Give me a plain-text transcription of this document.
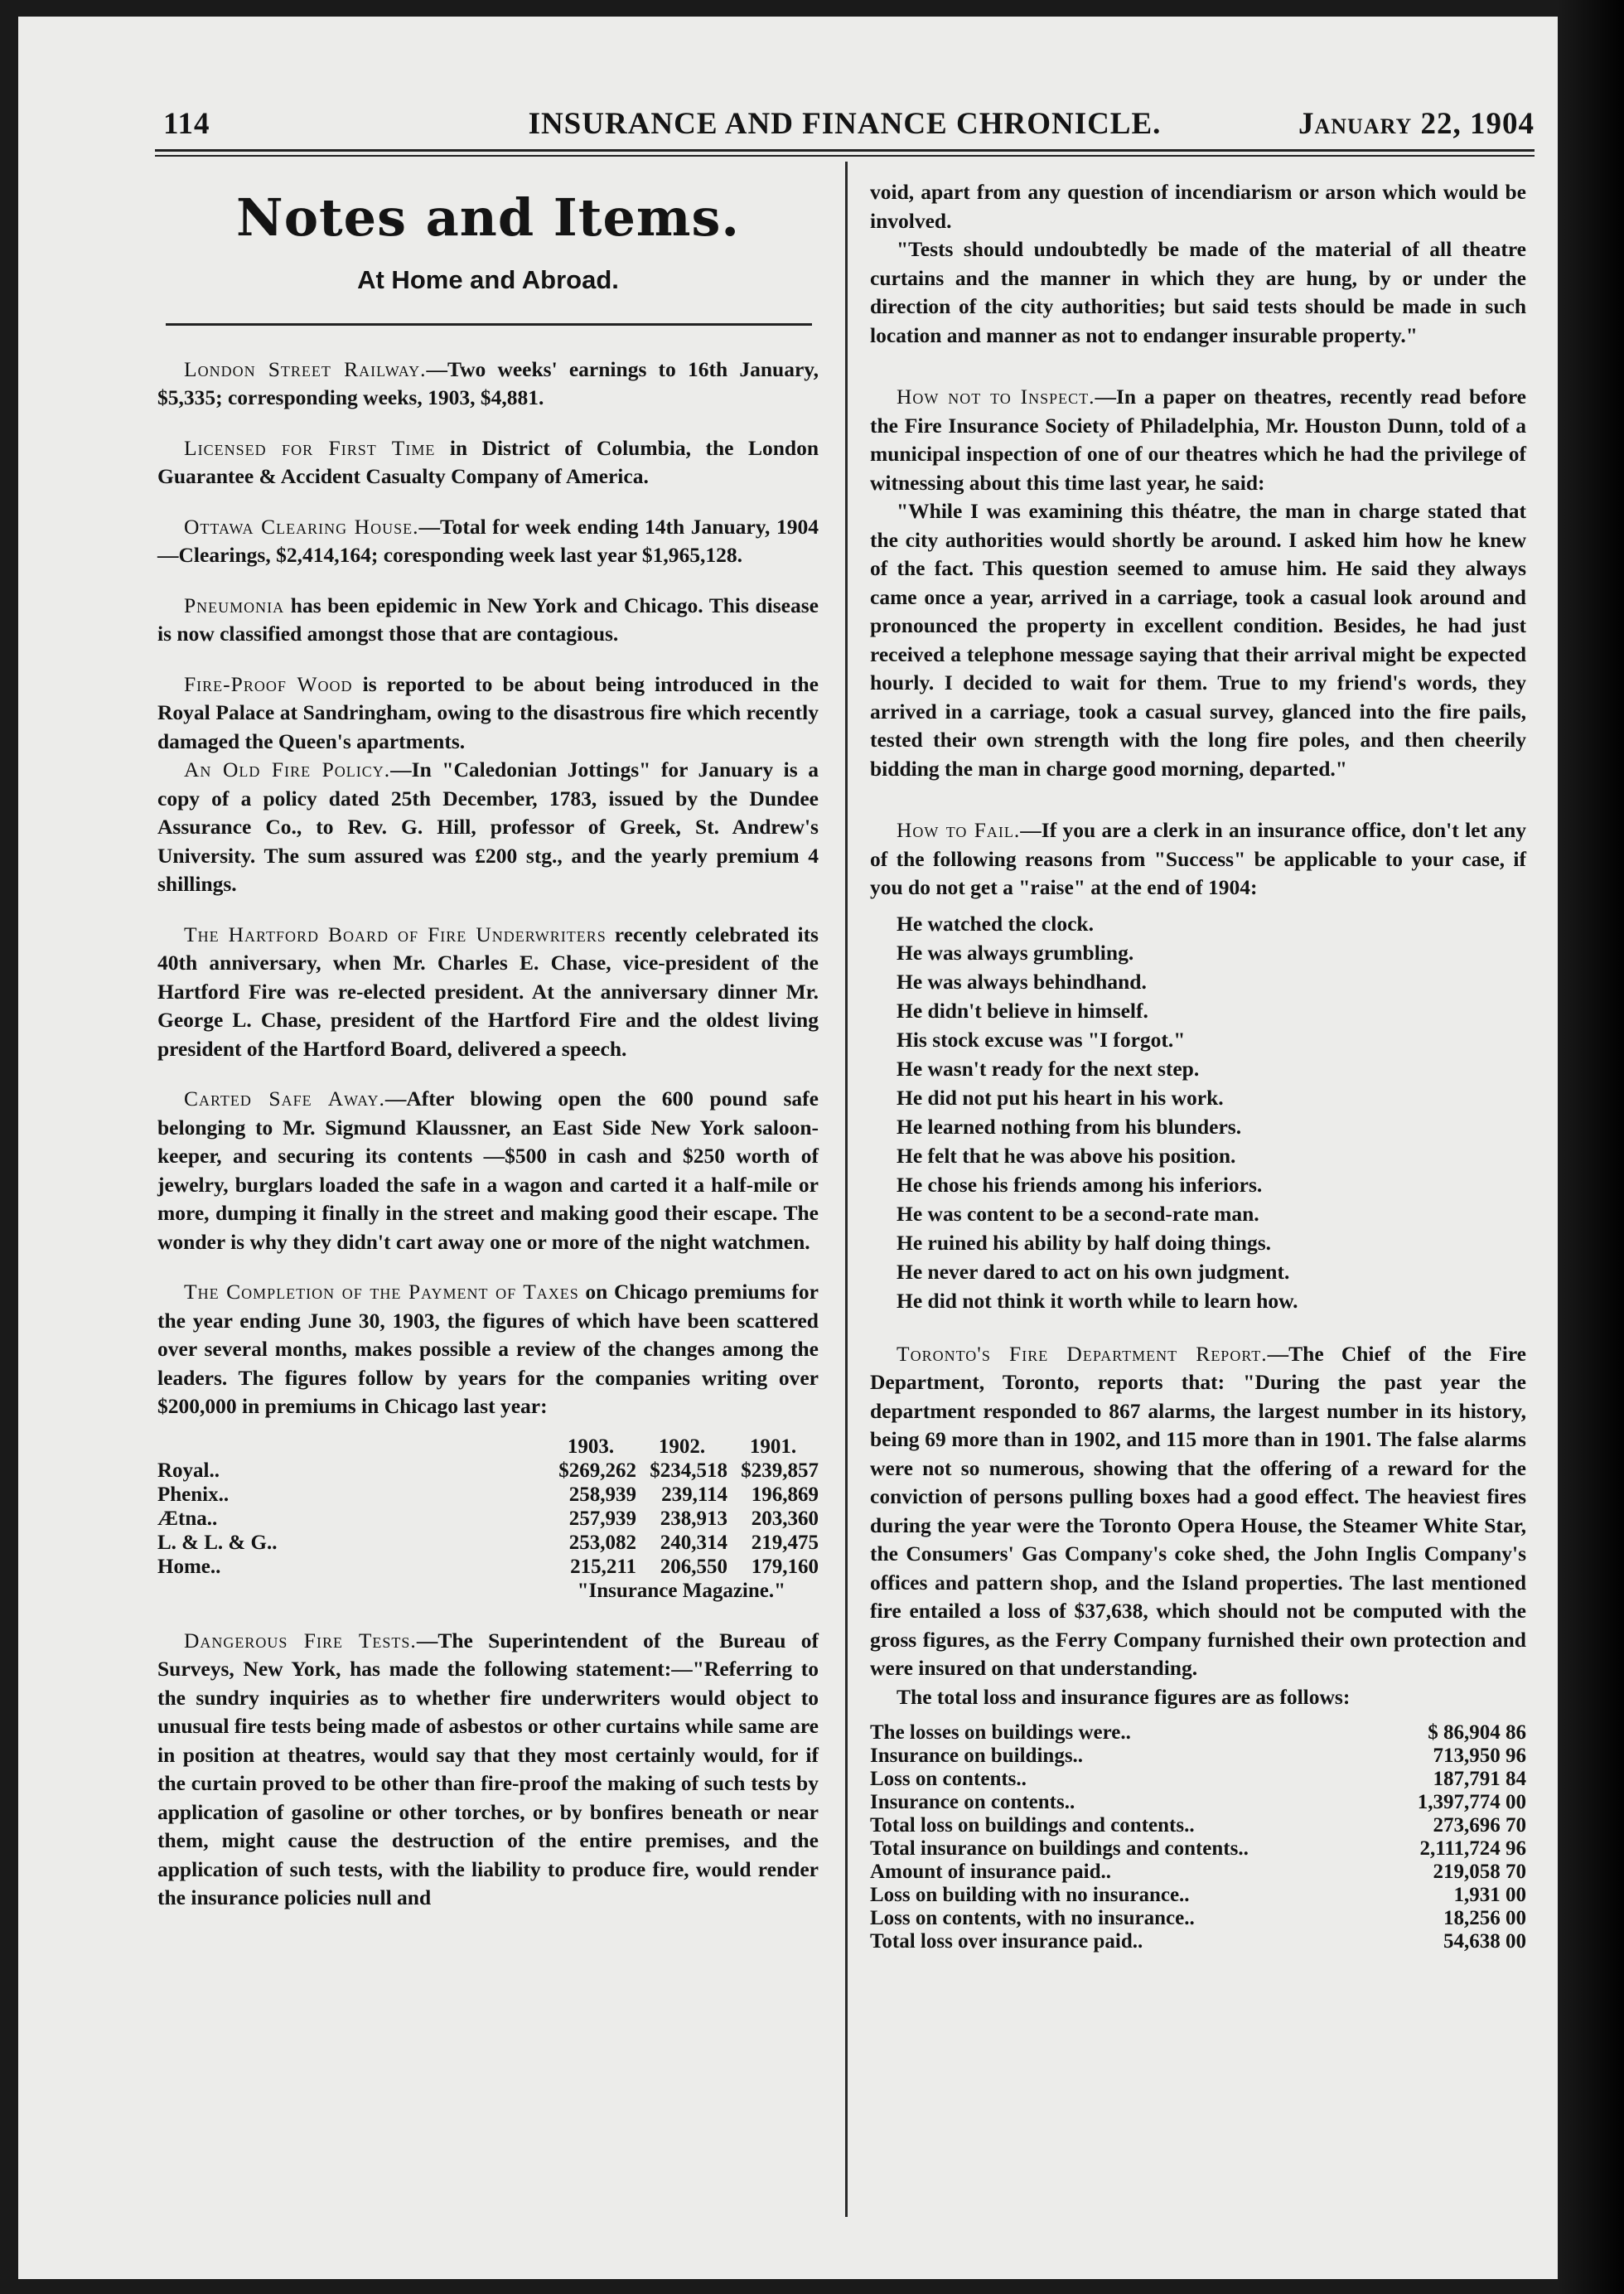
114	INSURANCE AND FINANCE CHRONICLE.	January 22, 1904
Notes and Items.
At Home and Abroad.

London Street Railway.—Two weeks' earnings to 16th January, $5,335; corresponding weeks, 1903, $4,881.

Licensed for First Time in District of Columbia, the London Guarantee & Accident Casualty Company of America.

Ottawa Clearing House.—Total for week ending 14th January, 1904—Clearings, $2,414,164; coresponding week last year $1,965,128.

Pneumonia has been epidemic in New York and Chicago. This disease is now classified amongst those that are contagious.

Fire-Proof Wood is reported to be about being introduced in the Royal Palace at Sandringham, owing to the disastrous fire which recently damaged the Queen's apartments.

An Old Fire Policy.—In "Caledonian Jottings" for January is a copy of a policy dated 25th December, 1783, issued by the Dundee Assurance Co., to Rev. G. Hill, professor of Greek, St. Andrew's University. The sum assured was £200 stg., and the yearly premium 4 shillings.

The Hartford Board of Fire Underwriters recently celebrated its 40th anniversary, when Mr. Charles E. Chase, vice-president of the Hartford Fire was re-elected president. At the anniversary dinner Mr. George L. Chase, president of the Hartford Fire and the oldest living president of the Hartford Board, delivered a speech.

Carted Safe Away.—After blowing open the 600 pound safe belonging to Mr. Sigmund Klaussner, an East Side New York saloon-keeper, and securing its contents —$500 in cash and $250 worth of jewelry, burglars loaded the safe in a wagon and carted it a half-mile or more, dumping it finally in the street and making good their escape. The wonder is why they didn't cart away one or more of the night watchmen.

The Completion of the Payment of Taxes on Chicago premiums for the year ending June 30, 1903, the figures of which have been scattered over several months, makes possible a review of the changes among the leaders. The figures follow by years for the companies writing over $200,000 in premiums in Chicago last year:

	1903.	1902.	1901.
Royal..	$269,262	$234,518	$239,857
Phenix..	258,939	239,114	196,869
Ætna..	257,939	238,913	203,360
L. & L. & G..	253,082	240,314	219,475
Home..	215,211	206,550	179,160
"Insurance Magazine."

Dangerous Fire Tests.—The Superintendent of the Bureau of Surveys, New York, has made the following statement:—"Referring to the sundry inquiries as to whether fire underwriters would object to unusual fire tests being made of asbestos or other curtains while same are in position at theatres, would say that they most certainly would, for if the curtain proved to be other than fire-proof the making of such tests by application of gasoline or other torches, or by bonfires beneath or near them, might cause the destruction of the entire premises, and the application of such tests, with the liability to produce fire, would render the insurance policies null and

void, apart from any question of incendiarism or arson which would be involved.

"Tests should undoubtedly be made of the material of all theatre curtains and the manner in which they are hung, by or under the direction of the city authorities; but said tests should be made in such location and manner as not to endanger insurable property."

How not to Inspect.—In a paper on theatres, recently read before the Fire Insurance Society of Philadelphia, Mr. Houston Dunn, told of a municipal inspection of one of our theatres which he had the privilege of witnessing about this time last year, he said:

"While I was examining this théatre, the man in charge stated that the city authorities would shortly be around. I asked him how he knew of the fact. This question seemed to amuse him. He said they always came once a year, arrived in a carriage, took a casual look around and pronounced the property in excellent condition. Besides, he had just received a telephone message saying that their arrival might be expected hourly. I decided to wait for them. True to my friend's words, they arrived in a carriage, took a casual survey, glanced into the fire pails, tested their own strength with the long fire poles, and then cheerily bidding the man in charge good morning, departed."

How to Fail.—If you are a clerk in an insurance office, don't let any of the following reasons from "Success" be applicable to your case, if you do not get a "raise" at the end of 1904:

He watched the clock.
He was always grumbling.
He was always behindhand.
He didn't believe in himself.
His stock excuse was "I forgot."
He wasn't ready for the next step.
He did not put his heart in his work.
He learned nothing from his blunders.
He felt that he was above his position.
He chose his friends among his inferiors.
He was content to be a second-rate man.
He ruined his ability by half doing things.
He never dared to act on his own judgment.
He did not think it worth while to learn how.

Toronto's Fire Department Report.—The Chief of the Fire Department, Toronto, reports that: "During the past year the department responded to 867 alarms, the largest number in its history, being 69 more than in 1902, and 115 more than in 1901. The false alarms were not so numerous, showing that the offering of a reward for the conviction of persons pulling boxes had a good effect. The heaviest fires during the year were the Toronto Opera House, the Steamer White Star, the Consumers' Gas Company's coke shed, the John Inglis Company's offices and pattern shop, and the Island properties. The last mentioned fire entailed a loss of $37,638, which should not be computed with the gross figures, as the Ferry Company furnished their own protection and were insured on that understanding.

The total loss and insurance figures are as follows:

The losses on buildings were..	$ 86,904 86
Insurance on buildings..	713,950 96
Loss on contents..	187,791 84
Insurance on contents..	1,397,774 00
Total loss on buildings and contents..	273,696 70
Total insurance on buildings and contents..	2,111,724 96
Amount of insurance paid..	219,058 70
Loss on building with no insurance..	1,931 00
Loss on contents, with no insurance..	18,256 00
Total loss over insurance paid..	54,638 00
